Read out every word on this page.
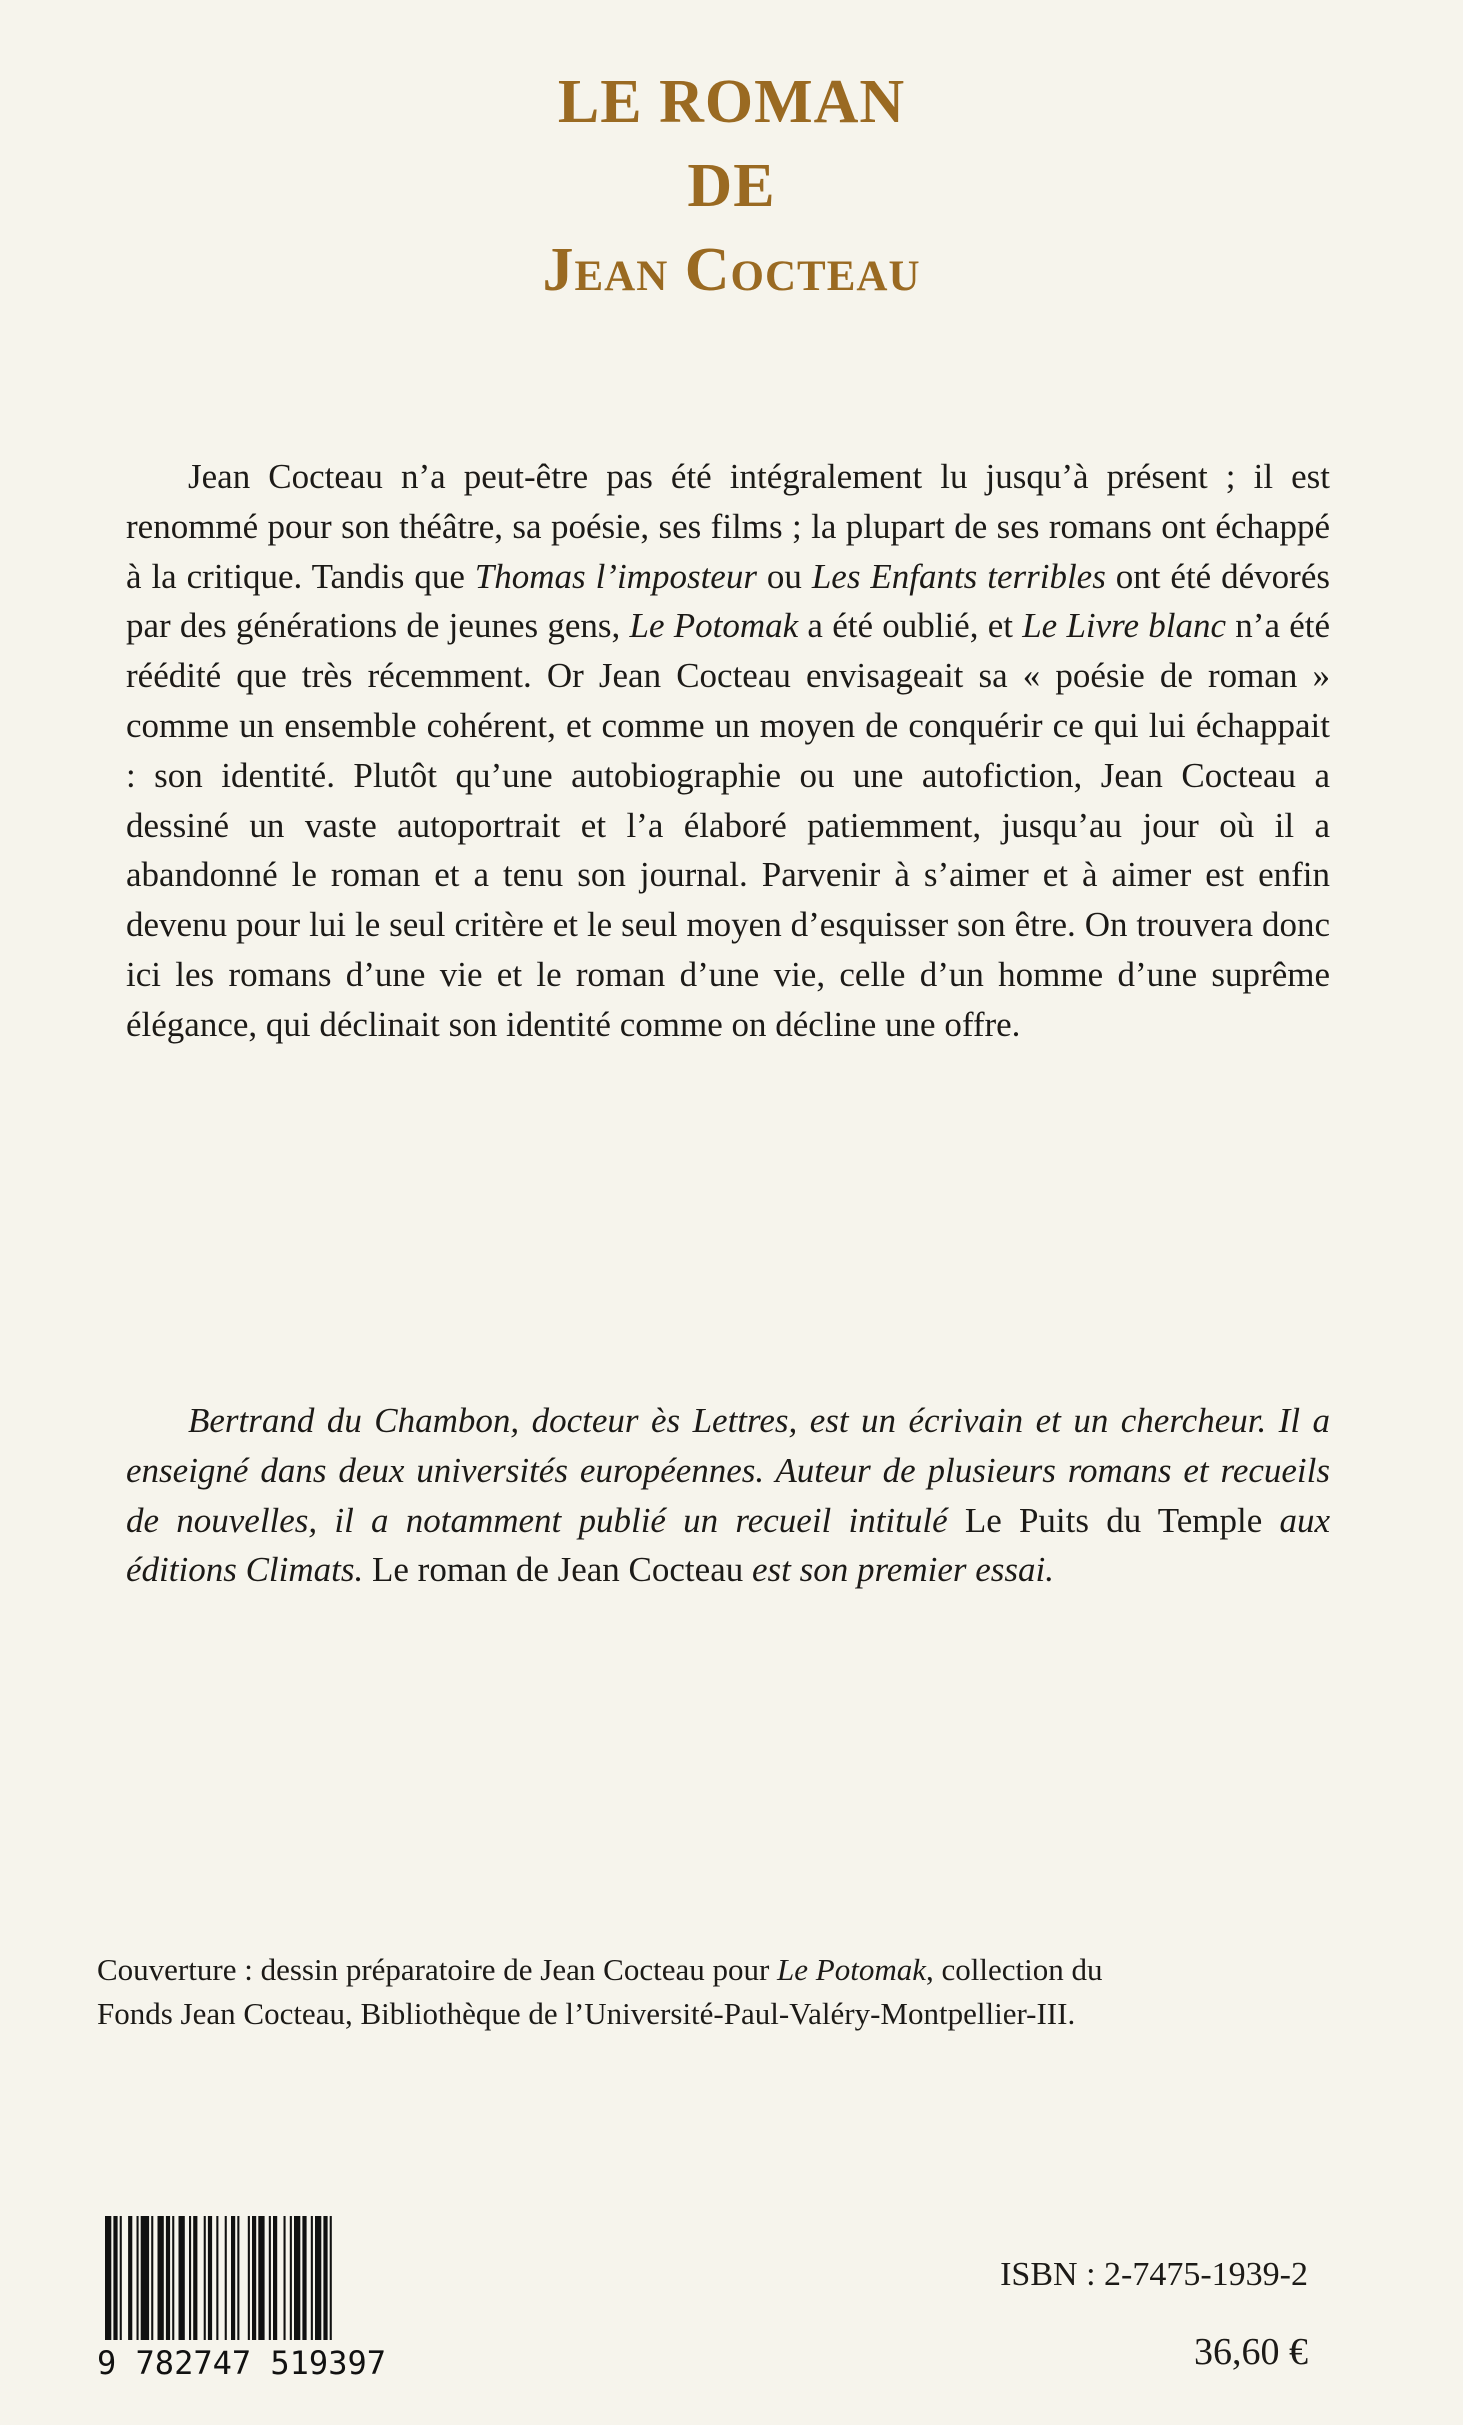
LE ROMAN
DE
Jean Cocteau
Jean Cocteau n’a peut-être pas été intégralement lu jusqu’à présent ; il est renommé pour son théâtre, sa poésie, ses films ; la plupart de ses romans ont échappé à la critique. Tandis que Thomas l’imposteur ou Les Enfants terribles ont été dévorés par des générations de jeunes gens, Le Potomak a été oublié, et Le Livre blanc n’a été réédité que très récemment. Or Jean Cocteau envisageait sa « poésie de roman » comme un ensemble cohérent, et comme un moyen de conquérir ce qui lui échappait : son identité. Plutôt qu’une autobiographie ou une autofiction, Jean Cocteau a dessiné un vaste autoportrait et l’a élaboré patiemment, jusqu’au jour où il a abandonné le roman et a tenu son journal. Parvenir à s’aimer et à aimer est enfin devenu pour lui le seul critère et le seul moyen d’esquisser son être. On trouvera donc ici les romans d’une vie et le roman d’une vie, celle d’un homme d’une suprême élégance, qui déclinait son identité comme on décline une offre.
Bertrand du Chambon, docteur ès Lettres, est un écrivain et un chercheur. Il a enseigné dans deux universités européennes. Auteur de plusieurs romans et recueils de nouvelles, il a notamment publié un recueil intitulé Le Puits du Temple aux éditions Climats. Le roman de Jean Cocteau est son premier essai.
Couverture : dessin préparatoire de Jean Cocteau pour Le Potomak, collection du
Fonds Jean Cocteau, Bibliothèque de l’Université-Paul-Valéry-Montpellier-III.
9 782747 519397
ISBN : 2-7475-1939-2
36,60 €
